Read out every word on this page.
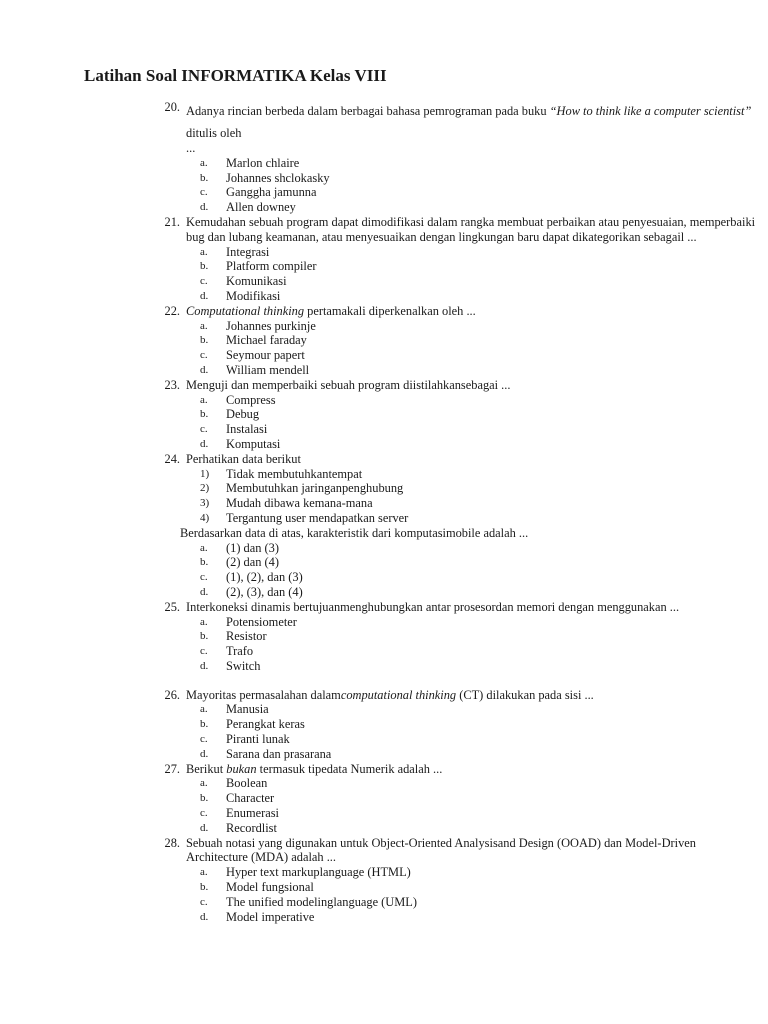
Latihan Soal INFORMATIKA Kelas VIII
20. Adanya rincian berbeda dalam berbagai bahasa pemrograman pada buku “How to think like a computer scientist” ditulis oleh
...
a.	Marlon chlaire
b.	Johannes shclokasky
c.	Ganggha jamunna
d.	Allen downey
21. Kemudahan sebuah program dapat dimodifikasi dalam rangka membuat perbaikan atau penyesuaian, memperbaiki bug dan lubang keamanan, atau menyesuaikan dengan lingkungan baru dapat dikategorikan sebagail ...
a.	Integrasi
b.	Platform compiler
c.	Komunikasi
d.	Modifikasi
22. Computational thinking pertamakali diperkenalkan oleh ...
a.	Johannes purkinje
b.	Michael faraday
c.	Seymour papert
d.	William mendell
23. Menguji dan memperbaiki sebuah program diistilahkansebagai ...
a.	Compress
b.	Debug
c.	Instalasi
d.	Komputasi
24. Perhatikan data berikut
1)	Tidak membutuhkantempat
2)	Membutuhkan jaringanpenghubung
3)	Mudah dibawa kemana-mana
4)	Tergantung user mendapatkan server
Berdasarkan data di atas, karakteristik dari komputasimobile adalah ...
a.	(1) dan (3)
b.	(2) dan (4)
c.	(1), (2), dan (3)
d.	(2), (3), dan (4)
25. Interkoneksi dinamis bertujuanmenghubungkan antar prosesordan memori dengan menggunakan ...
a.	Potensiometer
b.	Resistor
c.	Trafo
d.	Switch
26. Mayoritas permasalahan dalamcomputational thinking (CT) dilakukan pada sisi ...
a.	Manusia
b.	Perangkat keras
c.	Piranti lunak
d.	Sarana dan prasarana
27. Berikut bukan termasuk tipedata Numerik adalah ...
a.	Boolean
b.	Character
c.	Enumerasi
d.	Recordlist
28. Sebuah notasi yang digunakan untuk Object-Oriented Analysisand Design (OOAD) dan Model-Driven Architecture (MDA) adalah ...
a.	Hyper text markuplanguage (HTML)
b.	Model fungsional
c.	The unified modelinglanguage (UML)
d.	Model imperative
